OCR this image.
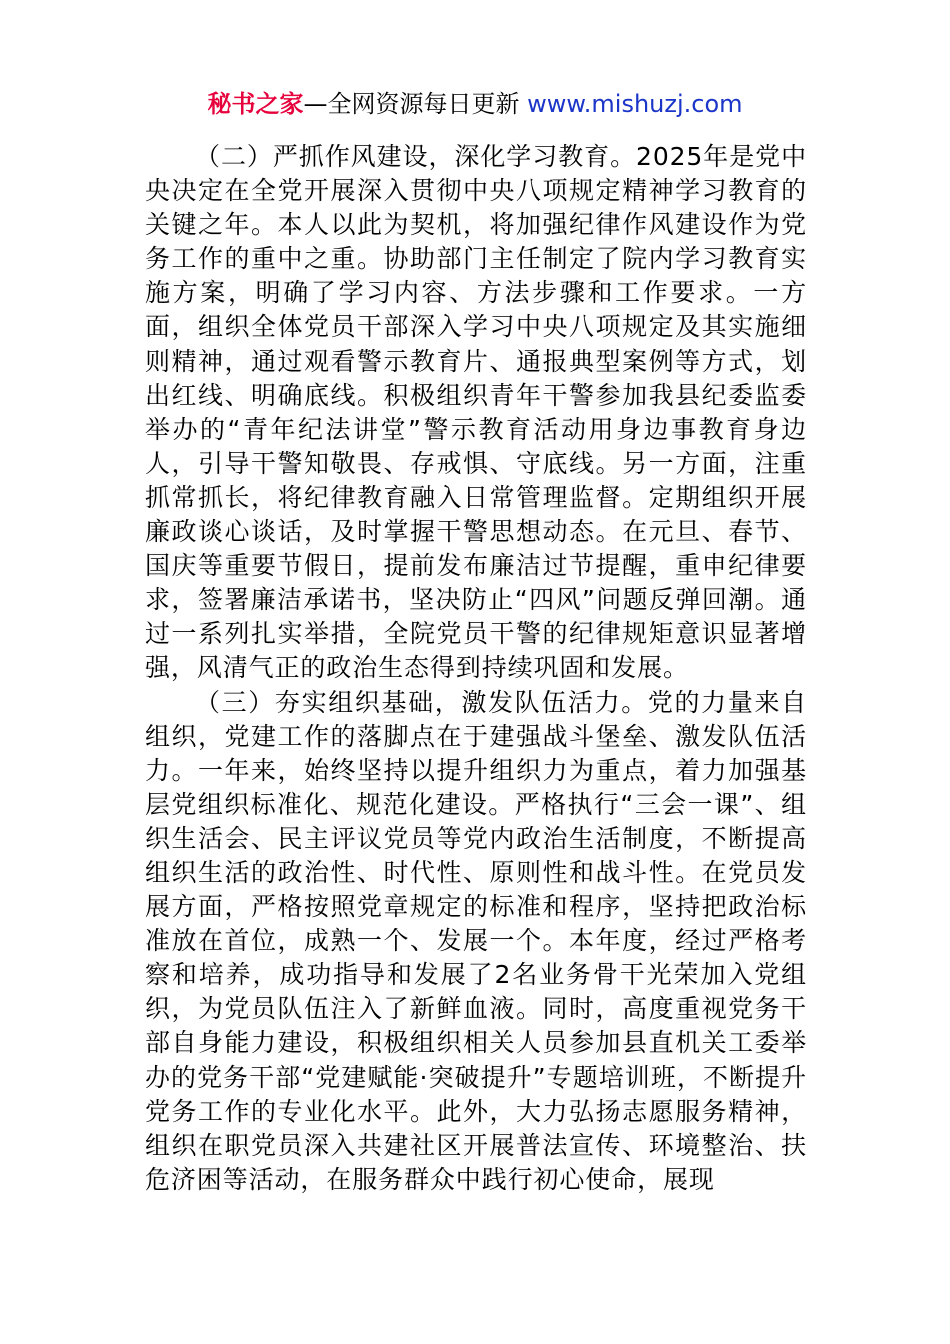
秘书之家—全网资源每日更新 www.mishuzj.com

（二）严抓作风建设，深化学习教育。2025年是党中央决定在全党开展深入贯彻中央八项规定精神学习教育的关键之年。本人以此为契机，将加强纪律作风建设作为党务工作的重中之重。协助部门主任制定了院内学习教育实施方案，明确了学习内容、方法步骤和工作要求。一方面，组织全体党员干部深入学习中央八项规定及其实施细则精神，通过观看警示教育片、通报典型案例等方式，划出红线、明确底线。积极组织青年干警参加我县纪委监委举办的“青年纪法讲堂”警示教育活动用身边事教育身边人，引导干警知敬畏、存戒惧、守底线。另一方面，注重抓常抓长，将纪律教育融入日常管理监督。定期组织开展廉政谈心谈话，及时掌握干警思想动态。在元旦、春节、国庆等重要节假日，提前发布廉洁过节提醒，重申纪律要求，签署廉洁承诺书，坚决防止“四风”问题反弹回潮。通过一系列扎实举措，全院党员干警的纪律规矩意识显著增强，风清气正的政治生态得到持续巩固和发展。

（三）夯实组织基础，激发队伍活力。党的力量来自组织，党建工作的落脚点在于建强战斗堡垒、激发队伍活力。一年来，始终坚持以提升组织力为重点，着力加强基层党组织标准化、规范化建设。严格执行“三会一课”、组织生活会、民主评议党员等党内政治生活制度，不断提高组织生活的政治性、时代性、原则性和战斗性。在党员发展方面，严格按照党章规定的标准和程序，坚持把政治标准放在首位，成熟一个、发展一个。本年度，经过严格考察和培养，成功指导和发展了2名业务骨干光荣加入党组织，为党员队伍注入了新鲜血液。同时，高度重视党务干部自身能力建设，积极组织相关人员参加县直机关工委举办的党务干部“党建赋能·突破提升”专题培训班，不断提升党务工作的专业化水平。此外，大力弘扬志愿服务精神，组织在职党员深入共建社区开展普法宣传、环境整治、扶危济困等活动，在服务群众中践行初心使命，展现
